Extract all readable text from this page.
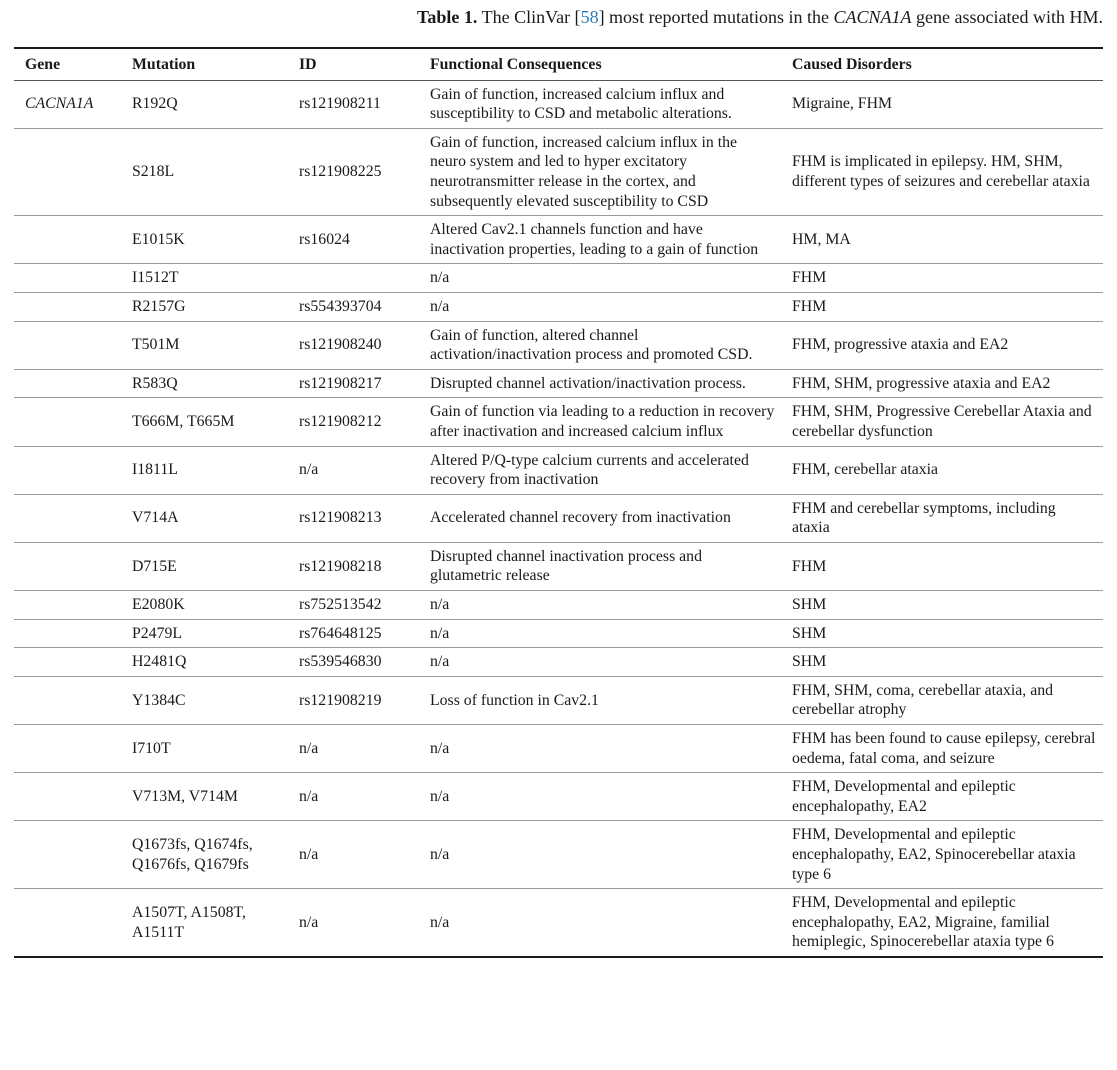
Table 1. The ClinVar [58] most reported mutations in the CACNA1A gene associated with HM.
Gene	Mutation	ID	Functional Consequences	Caused Disorders
CACNA1A	R192Q	rs121908211	Gain of function, increased calcium influx and susceptibility to CSD and metabolic alterations.	Migraine, FHM
	S218L	rs121908225	Gain of function, increased calcium influx in the neuro system and led to hyper excitatory neurotransmitter release in the cortex, and subsequently elevated susceptibility to CSD	FHM is implicated in epilepsy. HM, SHM, different types of seizures and cerebellar ataxia
	E1015K	rs16024	Altered Cav2.1 channels function and have inactivation properties, leading to a gain of function	HM, MA
	I1512T		n/a	FHM
	R2157G	rs554393704	n/a	FHM
	T501M	rs121908240	Gain of function, altered channel activation/inactivation process and promoted CSD.	FHM, progressive ataxia and EA2
	R583Q	rs121908217	Disrupted channel activation/inactivation process.	FHM, SHM, progressive ataxia and EA2
	T666M, T665M	rs121908212	Gain of function via leading to a reduction in recovery after inactivation and increased calcium influx	FHM, SHM, Progressive Cerebellar Ataxia and cerebellar dysfunction
	I1811L	n/a	Altered P/Q-type calcium currents and accelerated recovery from inactivation	FHM, cerebellar ataxia
	V714A	rs121908213	Accelerated channel recovery from inactivation	FHM and cerebellar symptoms, including ataxia
	D715E	rs121908218	Disrupted channel inactivation process and glutametric release	FHM
	E2080K	rs752513542	n/a	SHM
	P2479L	rs764648125	n/a	SHM
	H2481Q	rs539546830	n/a	SHM
	Y1384C	rs121908219	Loss of function in Cav2.1	FHM, SHM, coma, cerebellar ataxia, and cerebellar atrophy
	I710T	n/a	n/a	FHM has been found to cause epilepsy, cerebral oedema, fatal coma, and seizure
	V713M, V714M	n/a	n/a	FHM, Developmental and epileptic encephalopathy, EA2
	Q1673fs, Q1674fs, Q1676fs, Q1679fs	n/a	n/a	FHM, Developmental and epileptic encephalopathy, EA2, Spinocerebellar ataxia type 6
	A1507T, A1508T, A1511T	n/a	n/a	FHM, Developmental and epileptic encephalopathy, EA2, Migraine, familial hemiplegic, Spinocerebellar ataxia type 6
